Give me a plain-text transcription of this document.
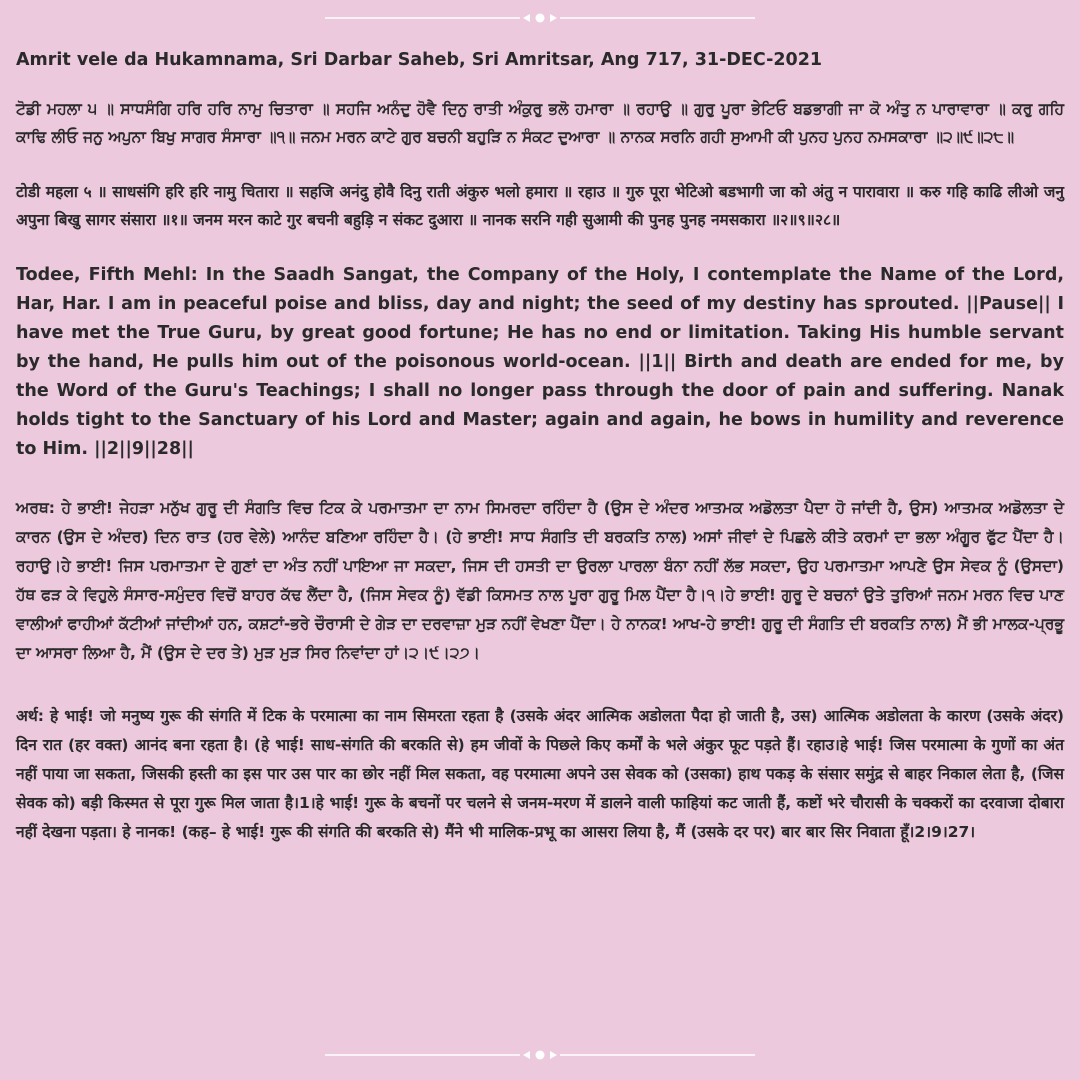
Amrit vele da Hukamnama, Sri Darbar Saheb, Sri Amritsar, Ang 717, 31-DEC-2021

ਟੋਡੀ ਮਹਲਾ ੫ ॥ ਸਾਧਸੰਗਿ ਹਰਿ ਹਰਿ ਨਾਮੁ ਚਿਤਾਰਾ ॥ ਸਹਜਿ ਅਨੰਦੁ ਹੋਵੈ ਦਿਨੁ ਰਾਤੀ ਅੰਕੁਰੁ ਭਲੋ ਹਮਾਰਾ ॥ ਰਹਾਉ ॥ ਗੁਰੁ ਪੂਰਾ ਭੇਟਿਓ ਬਡਭਾਗੀ ਜਾ ਕੋ ਅੰਤੁ ਨ ਪਾਰਾਵਾਰਾ ॥ ਕਰੁ ਗਹਿ ਕਾਢਿ ਲੀਓ ਜਨੁ ਅਪੁਨਾ ਬਿਖੁ ਸਾਗਰ ਸੰਸਾਰਾ ॥੧॥ ਜਨਮ ਮਰਨ ਕਾਟੇ ਗੁਰ ਬਚਨੀ ਬਹੁੜਿ ਨ ਸੰਕਟ ਦੁਆਰਾ ॥ ਨਾਨਕ ਸਰਨਿ ਗਹੀ ਸੁਆਮੀ ਕੀ ਪੁਨਹ ਪੁਨਹ ਨਮਸਕਾਰਾ ॥੨॥੯॥੨੮॥

टोडी महला ५ ॥ साधसंगि हरि हरि नामु चितारा ॥ सहजि अनंदु होवै दिनु राती अंकुरु भलो हमारा ॥ रहाउ ॥ गुरु पूरा भेटिओ बडभागी जा को अंतु न पारावारा ॥ करु गहि काढि लीओ जनु अपुना बिखु सागर संसारा ॥१॥ जनम मरन काटे गुर बचनी बहुड़ि न संकट दुआरा ॥ नानक सरनि गही सुआमी की पुनह पुनह नमसकारा ॥२॥९॥२८॥

Todee, Fifth Mehl: In the Saadh Sangat, the Company of the Holy, I contemplate the Name of the Lord, Har, Har. I am in peaceful poise and bliss, day and night; the seed of my destiny has sprouted. ||Pause|| I have met the True Guru, by great good fortune; He has no end or limitation. Taking His humble servant by the hand, He pulls him out of the poisonous world-ocean. ||1|| Birth and death are ended for me, by the Word of the Guru's Teachings; I shall no longer pass through the door of pain and suffering. Nanak holds tight to the Sanctuary of his Lord and Master; again and again, he bows in humility and reverence to Him. ||2||9||28||

ਅਰਥ: ਹੇ ਭਾਈ! ਜੇਹੜਾ ਮਨੁੱਖ ਗੁਰੂ ਦੀ ਸੰਗਤਿ ਵਿਚ ਟਿਕ ਕੇ ਪਰਮਾਤਮਾ ਦਾ ਨਾਮ ਸਿਮਰਦਾ ਰਹਿੰਦਾ ਹੈ (ਉਸ ਦੇ ਅੰਦਰ ਆਤਮਕ ਅਡੋਲਤਾ ਪੈਦਾ ਹੋ ਜਾਂਦੀ ਹੈ, ਉਸ) ਆਤਮਕ ਅਡੋਲਤਾ ਦੇ ਕਾਰਨ (ਉਸ ਦੇ ਅੰਦਰ) ਦਿਨ ਰਾਤ (ਹਰ ਵੇਲੇ) ਆਨੰਦ ਬਣਿਆ ਰਹਿੰਦਾ ਹੈ। (ਹੇ ਭਾਈ! ਸਾਧ ਸੰਗਤਿ ਦੀ ਬਰਕਤਿ ਨਾਲ) ਅਸਾਂ ਜੀਵਾਂ ਦੇ ਪਿਛਲੇ ਕੀਤੇ ਕਰਮਾਂ ਦਾ ਭਲਾ ਅੰਗੂਰ ਫੁੱਟ ਪੈਂਦਾ ਹੈ।ਰਹਾਉ।ਹੇ ਭਾਈ! ਜਿਸ ਪਰਮਾਤਮਾ ਦੇ ਗੁਣਾਂ ਦਾ ਅੰਤ ਨਹੀਂ ਪਾਇਆ ਜਾ ਸਕਦਾ, ਜਿਸ ਦੀ ਹਸਤੀ ਦਾ ਉਰਲਾ ਪਾਰਲਾ ਬੰਨਾ ਨਹੀਂ ਲੱਭ ਸਕਦਾ, ਉਹ ਪਰਮਾਤਮਾ ਆਪਣੇ ਉਸ ਸੇਵਕ ਨੂੰ (ਉਸਦਾ) ਹੱਥ ਫੜ ਕੇ ਵਿਹੁਲੇ ਸੰਸਾਰ-ਸਮੁੰਦਰ ਵਿਚੋਂ ਬਾਹਰ ਕੱਢ ਲੈਂਦਾ ਹੈ, (ਜਿਸ ਸੇਵਕ ਨੂੰ) ਵੱਡੀ ਕਿਸਮਤ ਨਾਲ ਪੂਰਾ ਗੁਰੂ ਮਿਲ ਪੈਂਦਾ ਹੈ।੧।ਹੇ ਭਾਈ! ਗੁਰੂ ਦੇ ਬਚਨਾਂ ਉਤੇ ਤੁਰਿਆਂ ਜਨਮ ਮਰਨ ਵਿਚ ਪਾਣ ਵਾਲੀਆਂ ਫਾਹੀਆਂ ਕੱਟੀਆਂ ਜਾਂਦੀਆਂ ਹਨ, ਕਸ਼ਟਾਂ-ਭਰੇ ਚੌਰਾਸੀ ਦੇ ਗੇੜ ਦਾ ਦਰਵਾਜ਼ਾ ਮੁੜ ਨਹੀਂ ਵੇਖਣਾ ਪੈਂਦਾ। ਹੇ ਨਾਨਕ! ਆਖ-ਹੇ ਭਾਈ! ਗੁਰੂ ਦੀ ਸੰਗਤਿ ਦੀ ਬਰਕਤਿ ਨਾਲ) ਮੈਂ ਭੀ ਮਾਲਕ-ਪ੍ਰਭੂ ਦਾ ਆਸਰਾ ਲਿਆ ਹੈ, ਮੈਂ (ਉਸ ਦੇ ਦਰ ਤੇ) ਮੁੜ ਮੁੜ ਸਿਰ ਨਿਵਾਂਦਾ ਹਾਂ।੨।੯।੨੭।

अर्थ: हे भाई! जो मनुष्य गुरू की संगति में टिक के परमात्मा का नाम सिमरता रहता है (उसके अंदर आत्मिक अडोलता पैदा हो जाती है, उस) आत्मिक अडोलता के कारण (उसके अंदर) दिन रात (हर वक्त) आनंद बना रहता है। (हे भाई! साध-संगति की बरकति से) हम जीवों के पिछले किए कर्मों के भले अंकुर फूट पड़ते हैं। रहाउ।हे भाई! जिस परमात्मा के गुणों का अंत नहीं पाया जा सकता, जिसकी हस्ती का इस पार उस पार का छोर नहीं मिल सकता, वह परमात्मा अपने उस सेवक को (उसका) हाथ पकड़ के संसार समुंद्र से बाहर निकाल लेता है, (जिस सेवक को) बड़ी किस्मत से पूरा गुरू मिल जाता है।1।हे भाई! गुरू के बचनों पर चलने से जनम-मरण में डालने वाली फाहियां कट जाती हैं, कष्टों भरे चौरासी के चक्करों का दरवाजा दोबारा नहीं देखना पड़ता। हे नानक! (कह– हे भाई! गुरू की संगति की बरकति से) मैंने भी मालिक-प्रभू का आसरा लिया है, मैं (उसके दर पर) बार बार सिर निवाता हूँ।2।9।27।
